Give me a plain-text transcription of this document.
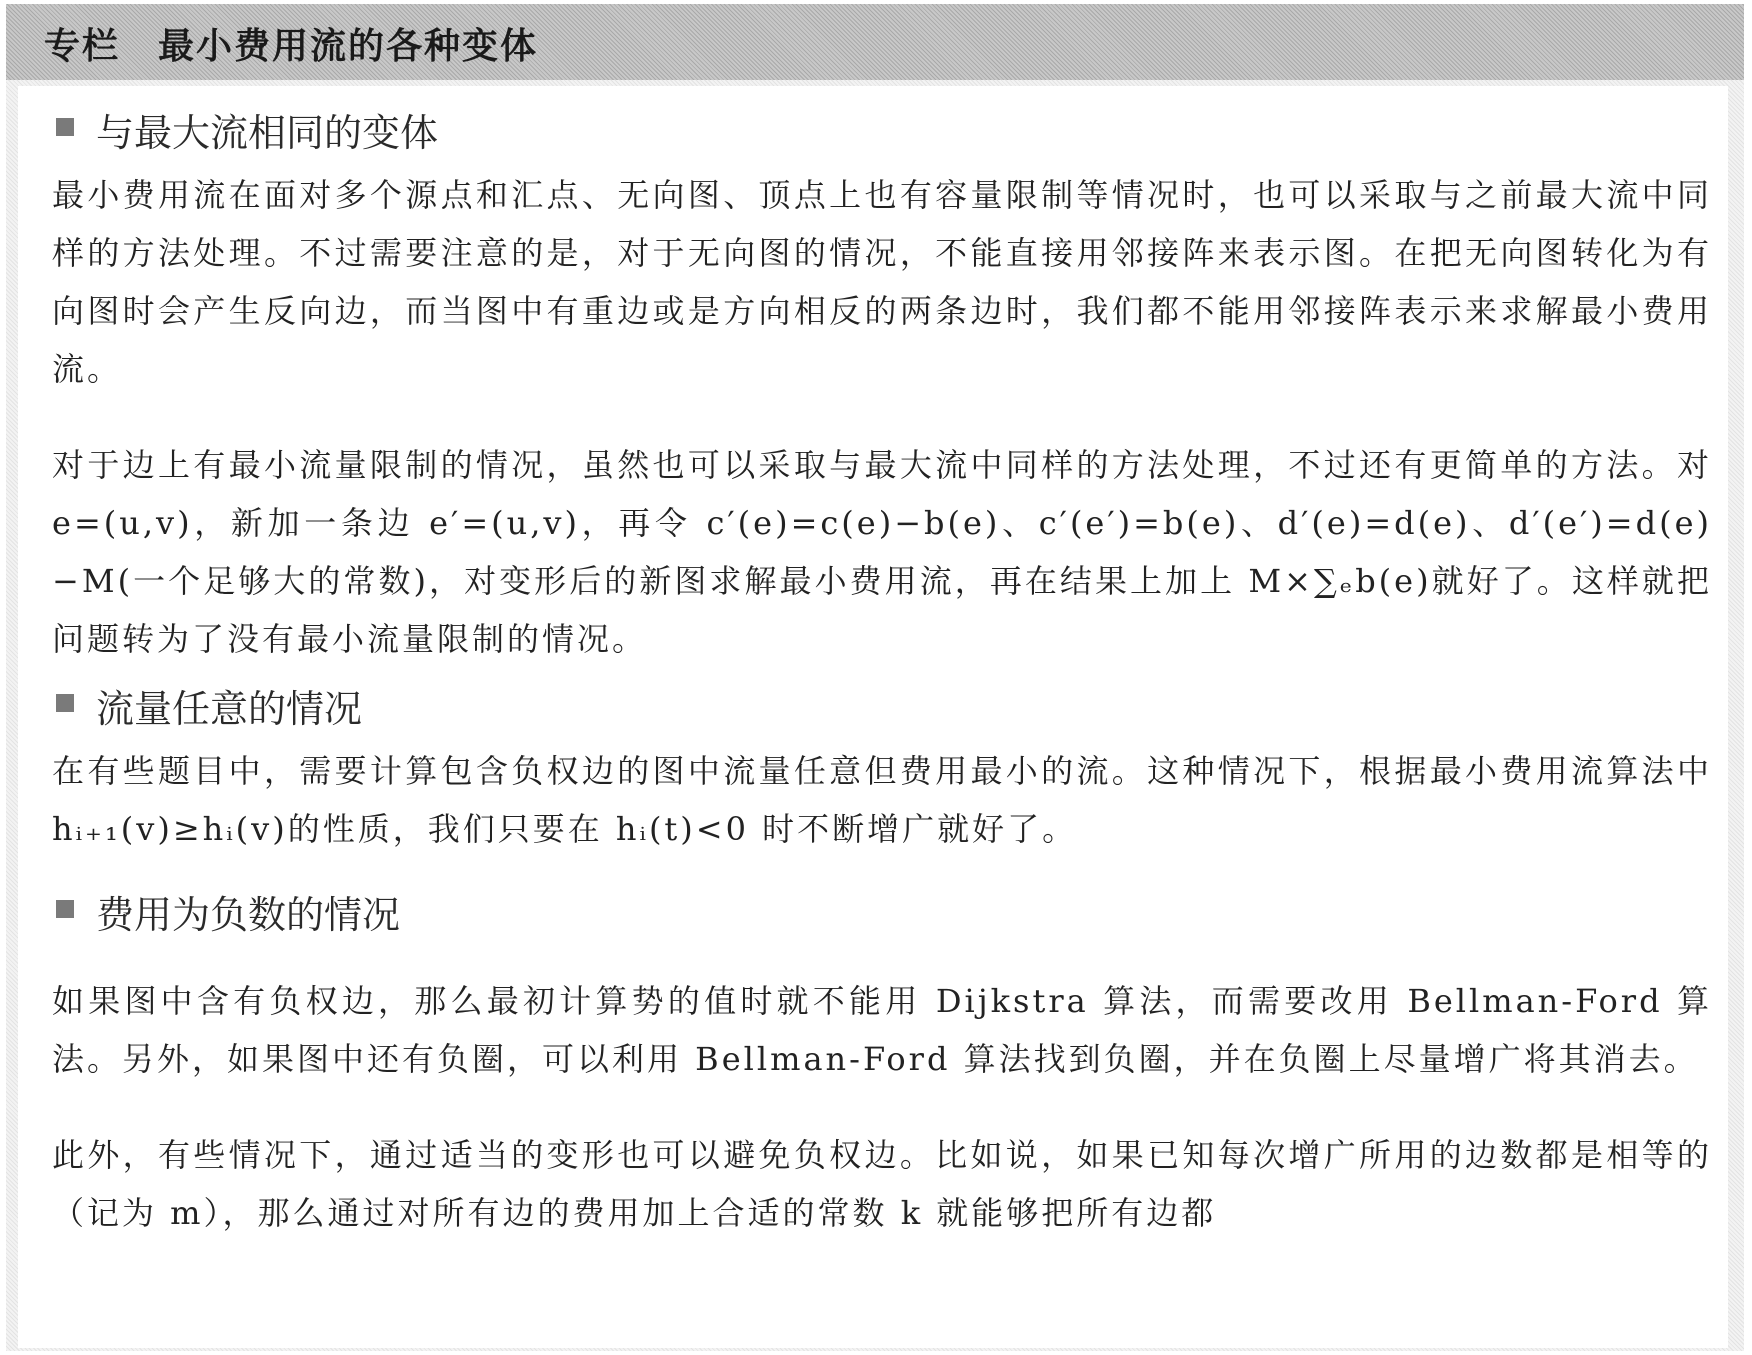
专栏　最小费用流的各种变体
与最大流相同的变体

最小费用流在面对多个源点和汇点、无向图、顶点上也有容量限制等情况时，也可以采取与之前最大流中同样的方法处理。不过需要注意的是，对于无向图的情况，不能直接用邻接阵来表示图。在把无向图转化为有向图时会产生反向边，而当图中有重边或是方向相反的两条边时，我们都不能用邻接阵表示来求解最小费用流。

对于边上有最小流量限制的情况，虽然也可以采取与最大流中同样的方法处理，不过还有更简单的方法。对 e=(u,v)，新加一条边 e′=(u,v)，再令 c′(e)=c(e)−b(e)、c′(e′)=b(e)、d′(e)=d(e)、d′(e′)=d(e)−M(一个足够大的常数)，对变形后的新图求解最小费用流，再在结果上加上 M×∑ₑb(e)就好了。这样就把问题转为了没有最小流量限制的情况。

流量任意的情况

在有些题目中，需要计算包含负权边的图中流量任意但费用最小的流。这种情况下，根据最小费用流算法中 hᵢ₊₁(v)≥hᵢ(v)的性质，我们只要在 hᵢ(t)<0 时不断增广就好了。

费用为负数的情况

如果图中含有负权边，那么最初计算势的值时就不能用 Dijkstra 算法，而需要改用 Bellman-Ford 算法。另外，如果图中还有负圈，可以利用 Bellman-Ford 算法找到负圈，并在负圈上尽量增广将其消去。

此外，有些情况下，通过适当的变形也可以避免负权边。比如说，如果已知每次增广所用的边数都是相等的（记为 m），那么通过对所有边的费用加上合适的常数 k 就能够把所有边都
